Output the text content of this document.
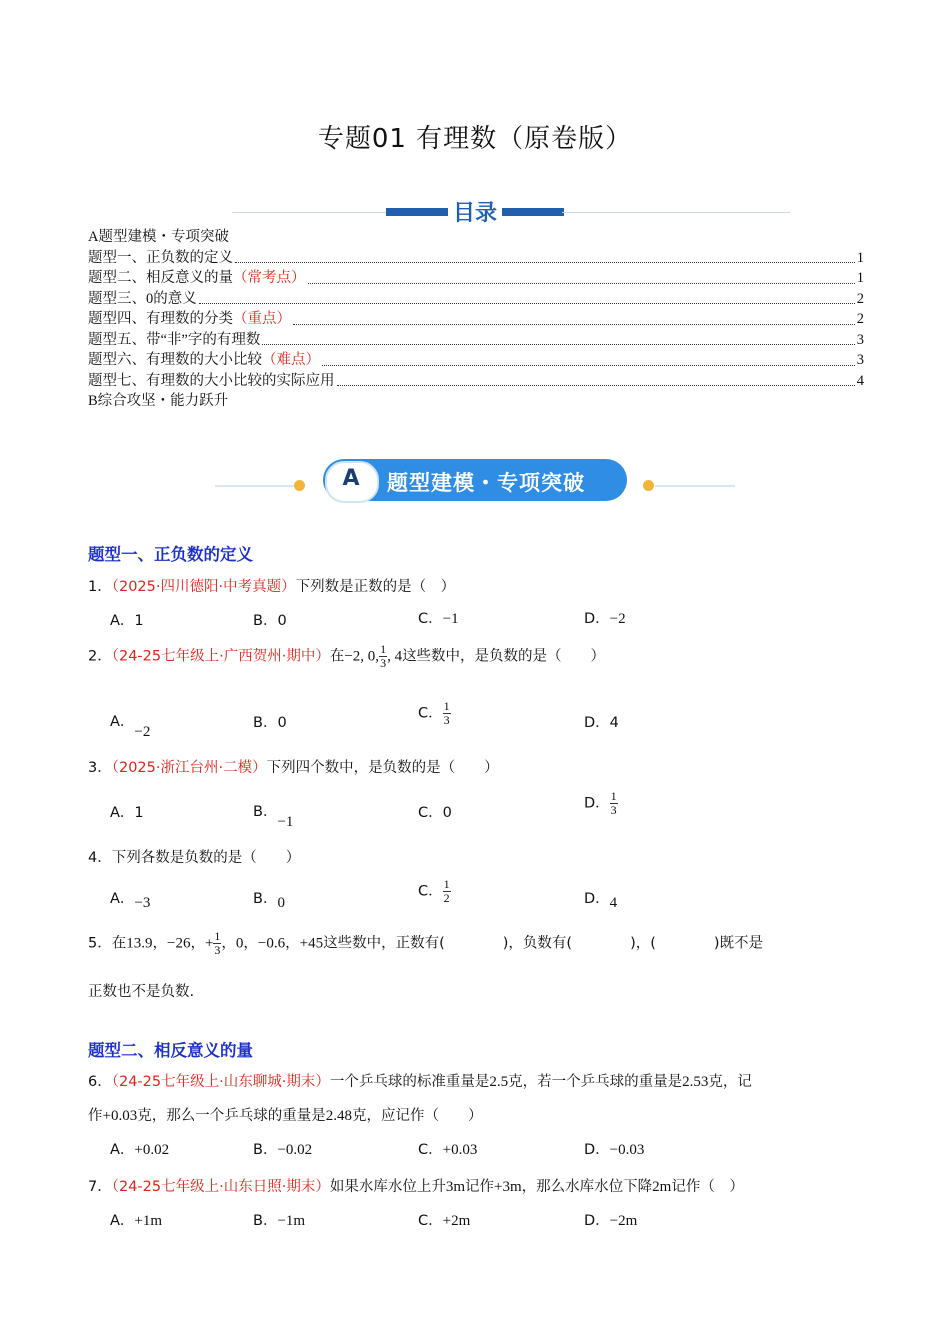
专题01 有理数（原卷版）
目录
A题型建模・专项突破
题型一、正负数的定义	1
题型二、相反意义的量 （常考点）	1
题型三、0的意义	2
题型四、有理数的分类 （重点）	2
题型五、带“非”字的有理数	3
题型六、有理数的大小比较 （难点）	3
题型七、有理数的大小比较的实际应用	4
B综合攻坚・能力跃升
A	题型建模・专项突破
题型一、正负数的定义
1．（2025·四川德阳·中考真题）下列数是正数的是（　）
A．1	B．0	C．−1	D．−2
2．（24-25七年级上·广西贺州·期中）在−2, 0, $\frac{1}{3}$ , 4这些数中，是负数的是（　　）
A．−2
B．0
C． $\frac{1}{3}$	D．4
3．（2025·浙江台州·二模）下列四个数中，是负数的是（　　）
A．1	B．−1
C．0
D． $\frac{1}{3}$
4．下列各数是负数的是（　　）
A．−3	B．0
C． $\frac{1}{2}$	D．4
5．在13.9，−26，+ $\frac{1}{3}$ ，0，−0.6，+45这些数中，正数有(　　　　)，负数有(　　　　)，(　　　　)既不是
正数也不是负数.
题型二、相反意义的量
6．（24-25七年级上·山东聊城·期末）一个乒乓球的标准重量是2.5克，若一个乒乓球的重量是2.53克，记
作+0.03克，那么一个乒乓球的重量是2.48克，应记作（　　）
A．+0.02	B．−0.02	C．+0.03	D．−0.03
7．（24-25七年级上·山东日照·期末）如果水库水位上升3m记作+3m，那么水库水位下降2m记作（　）
A．+1m	B．−1m	C．+2m	D．−2m
